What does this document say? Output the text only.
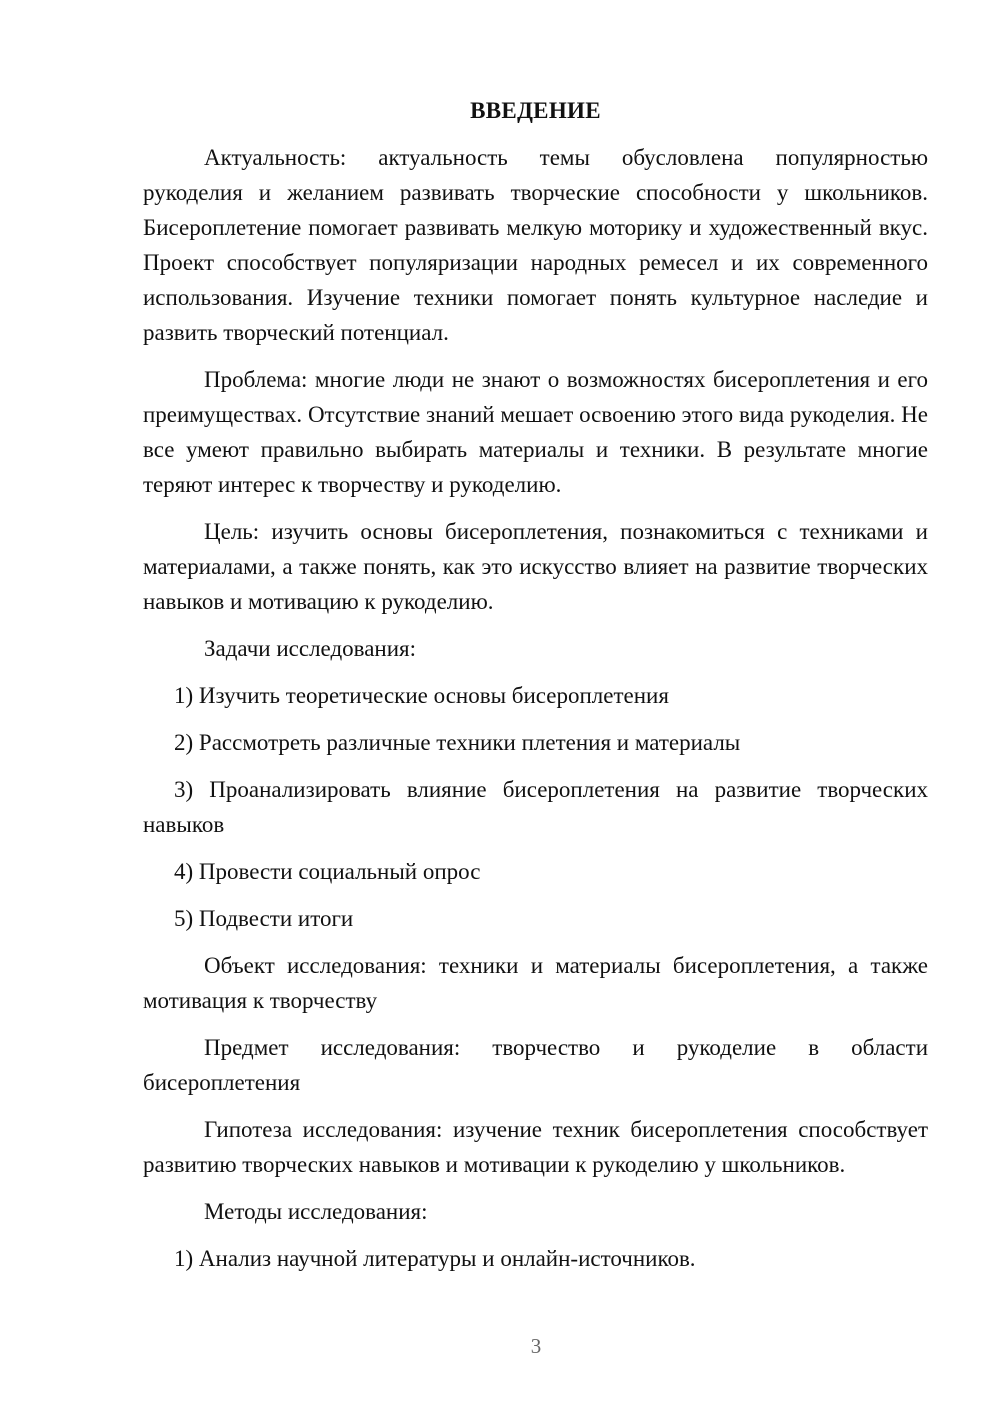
ВВЕДЕНИЕ

Актуальность: актуальность темы обусловлена популярностью рукоделия и желанием развивать творческие способности у школьников. Бисероплетение помогает развивать мелкую моторику и художественный вкус. Проект способствует популяризации народных ремесел и их современного использования. Изучение техники помогает понять культурное наследие и развить творческий потенциал.

Проблема: многие люди не знают о возможностях бисероплетения и его преимуществах. Отсутствие знаний мешает освоению этого вида рукоделия. Не все умеют правильно выбирать материалы и техники. В результате многие теряют интерес к творчеству и рукоделию.

Цель: изучить основы бисероплетения, познакомиться с техниками и материалами, а также понять, как это искусство влияет на развитие творческих навыков и мотивацию к рукоделию.

Задачи исследования:

1) Изучить теоретические основы бисероплетения

2) Рассмотреть различные техники плетения и материалы

3) Проанализировать влияние бисероплетения на развитие творческих навыков

4) Провести социальный опрос

5) Подвести итоги

Объект исследования: техники и материалы бисероплетения, а также мотивация к творчеству

Предмет исследования: творчество и рукоделие в области бисероплетения

Гипотеза исследования: изучение техник бисероплетения способствует развитию творческих навыков и мотивации к рукоделию у школьников.

Методы исследования:

1) Анализ научной литературы и онлайн-источников.

3
